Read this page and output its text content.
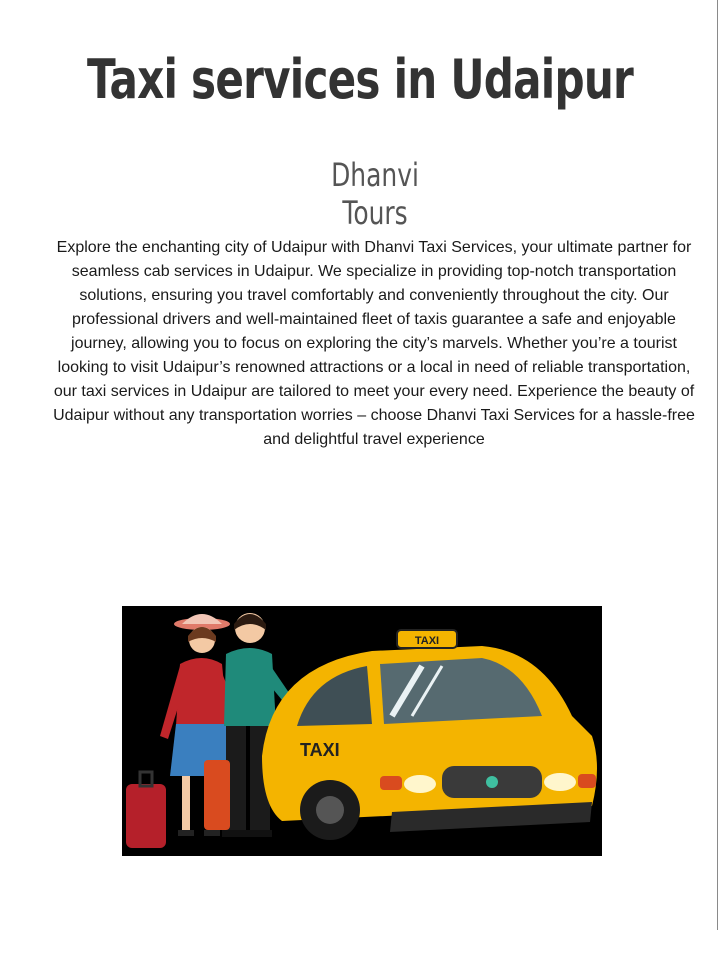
Taxi services in Udaipur
Dhanvi Tours

Explore the enchanting city of Udaipur with Dhanvi Taxi Services, your ultimate partner for seamless cab services in Udaipur. We specialize in providing top-notch transportation solutions, ensuring you travel comfortably and conveniently throughout the city. Our professional drivers and well-maintained fleet of taxis guarantee a safe and enjoyable journey, allowing you to focus on exploring the city’s marvels. Whether you’re a tourist looking to visit Udaipur’s renowned attractions or a local in need of reliable transportation, our taxi services in Udaipur are tailored to meet your every need. Experience the beauty of Udaipur without any transportation worries – choose Dhanvi Taxi Services for a hassle-free and delightful travel experience

TAXI
TAXI
